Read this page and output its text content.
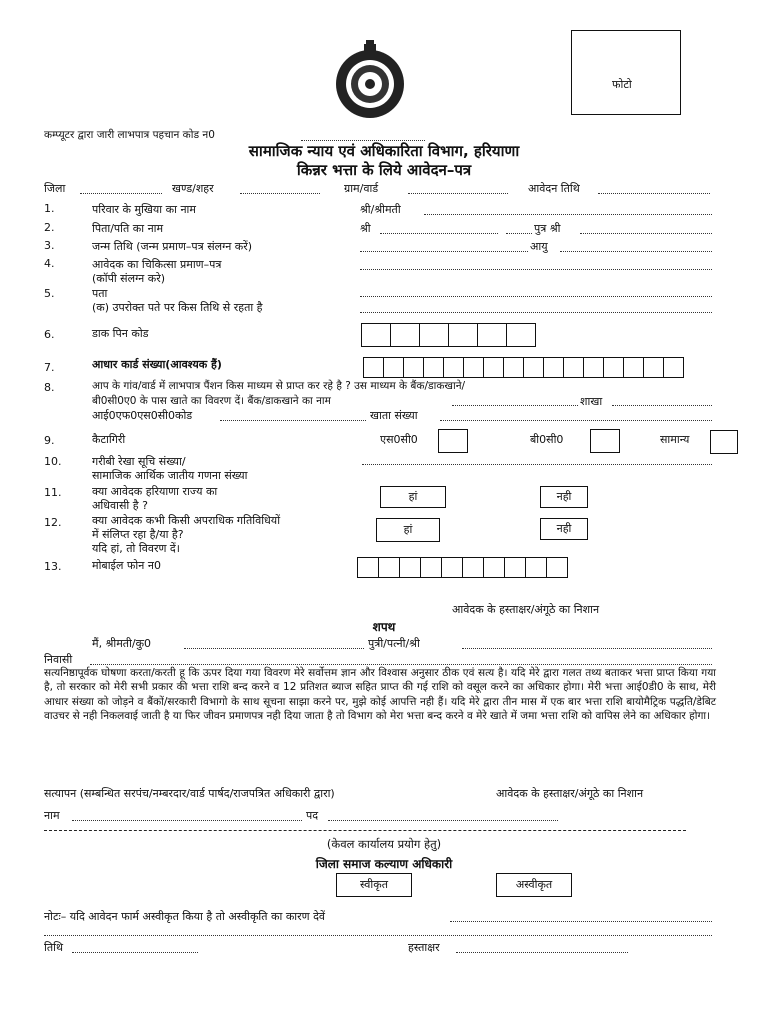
फोटो
कम्प्यूटर द्वारा जारी लाभपात्र पहचान कोड न0
सामाजिक न्याय एवं अधिकारिता विभाग, हरियाणा
किन्नर भत्ता के लिये आवेदन–पत्र
जिला	खण्ड/शहर	ग्राम/वार्ड	आवेदन तिथि
1.	परिवार के मुखिया का नाम	श्री/श्रीमती
2.	पिता/पति का नाम	श्री	पुत्र श्री
3.	जन्म तिथि (जन्म प्रमाण–पत्र संलग्न करें)	आयु
4.	आवेदक का चिकित्सा प्रमाण–पत्र
(कॉपी संलग्न करे)
5.	पता
(क) उपरोक्त पते पर किस तिथि से रहता है
6.	डाक पिन कोड
7.	आधार कार्ड संख्या(आवश्यक हैं)
8.	आप के गांव/वार्ड में लाभपात्र पैंशन किस माध्यम से प्राप्त कर रहे है ? उस माध्यम के बैंक/डाकखाने/
बी0सी0ए0 के पास खाते का विवरण दें। बैंक/डाकखाने का नाम	शाखा
आई0एफ0एस0सी0कोड	खाता संख्या
9.	कैटागिरी	एस0सी0	बी0सी0	सामान्य
10.	गरीबी रेखा सूचि संख्या/
सामाजिक आर्थिक जातीय गणना संख्या
11.	क्या आवेदक हरियाणा राज्य का
अधिवासी है ?
हां	नही
12.	क्या आवेदक कभी किसी अपराधिक गतिविधियों
में संलिप्त रहा है/या है?
यदि हां, तो विवरण दें।
हां	नही
13.	मोबाईल फोन न0
आवेदक के हस्ताक्षर/अंगूठे का निशान
शपथ
मैं, श्रीमती/कु0	पुत्री/पत्नी/श्री
निवासी
सत्यनिष्ठापूर्वक घोषणा करता/करती हू कि ऊपर दिया गया विवरण मेरे सर्वोत्तम ज्ञान और विश्वास अनुसार ठीक एवं सत्य है। यदि मेरे द्वारा गलत तथ्य बताकर भत्ता प्राप्त किया गया है, तो सरकार को मेरी सभी प्रकार की भत्ता राशि बन्द करने व 12 प्रतिशत ब्याज सहित प्राप्त की गई राशि को वसूल करने का अधिकार होगा। मेरी भत्ता आई0डी0 के साथ, मेरी आधार संख्या को जोड़ने व बैंकों/सरकारी विभागो के साथ सूचना साझा करने पर, मुझे कोई आपत्ति नही हैं। यदि मेरे द्वारा तीन मास में एक बार भत्ता राशि बायोमैट्रिक पद्धति/डेबिट वाउचर से नही निकलवाई जाती है या फिर जीवन प्रमाणपत्र नही दिया जाता है तो विभाग को मेरा भत्ता बन्द करने व मेरे खाते में जमा भत्ता राशि को वापिस लेने का अधिकार होगा।
सत्यापन (सम्बन्धित सरपंच/नम्बरदार/वार्ड पार्षद/राजपत्रित अधिकारी द्वारा)	आवेदक के हस्ताक्षर/अंगूठे का निशान
नाम	पद
(केवल कार्यालय प्रयोग हेतु)
जिला समाज कल्याण अधिकारी
स्वीकृत	अस्वीकृत
नोटः– यदि आवेदन फार्म अस्वीकृत किया है तो अस्वीकृति का कारण देवें
तिथि	हस्ताक्षर
